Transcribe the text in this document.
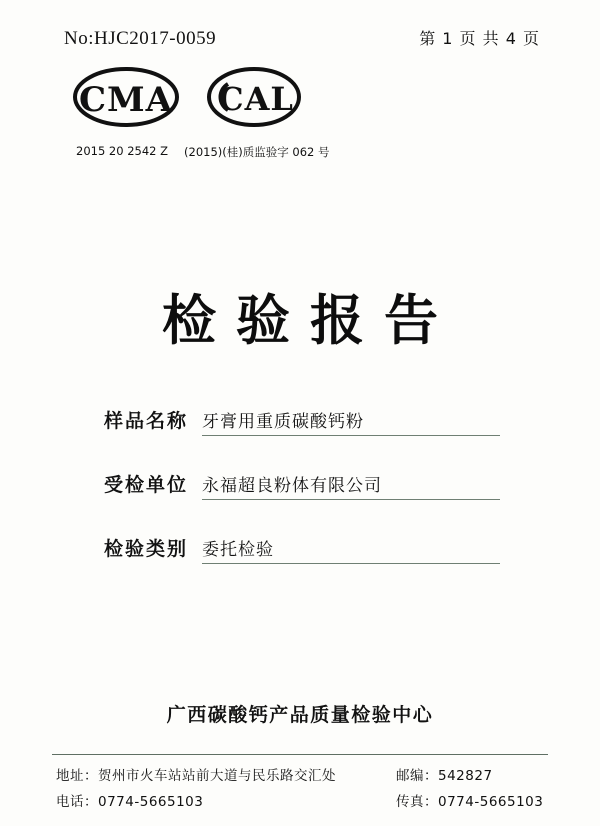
No:HJC2017-0059	第 1 页 共 4 页
CMA CAL
2015 20 2542 Z (2015)(桂)质监验字 062 号
检验报告
样品名称 牙膏用重质碳酸钙粉
受检单位 永福超良粉体有限公司
检验类别 委托检验
广西碳酸钙产品质量检验中心
地址：贺州市火车站站前大道与民乐路交汇处	邮编：542827
电话：0774-5665103	传真：0774-5665103
